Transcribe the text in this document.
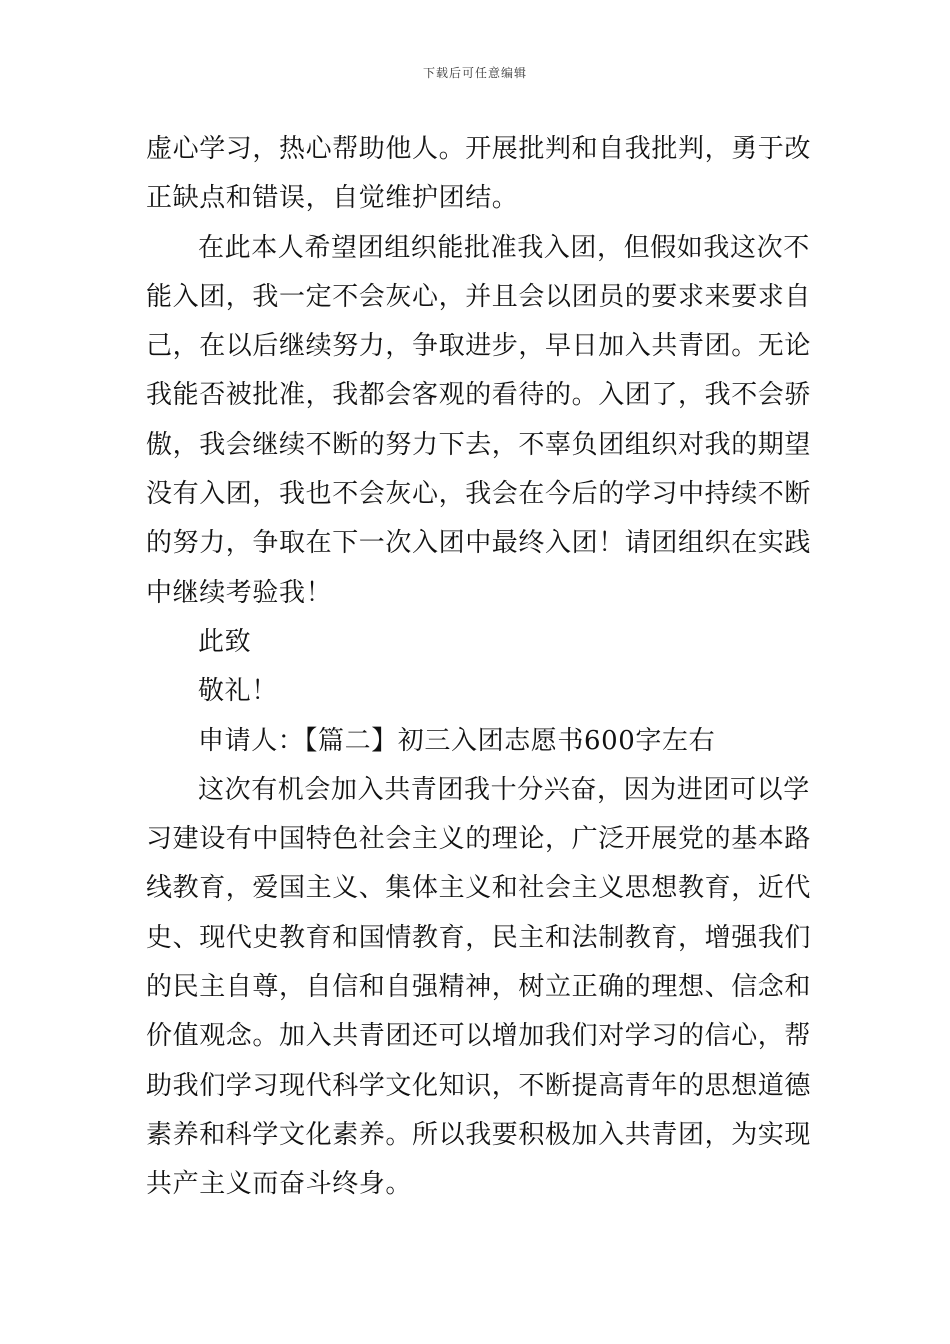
下载后可任意编辑
虚心学习，热心帮助他人。开展批判和自我批判，勇于改
正缺点和错误，自觉维护团结。
在此本人希望团组织能批准我入团，但假如我这次不
能入团，我一定不会灰心，并且会以团员的要求来要求自
己，在以后继续努力，争取进步，早日加入共青团。无论
我能否被批准，我都会客观的看待的。入团了，我不会骄
傲，我会继续不断的努力下去，不辜负团组织对我的期望
没有入团，我也不会灰心，我会在今后的学习中持续不断
的努力，争取在下一次入团中最终入团！请团组织在实践
中继续考验我！
此致
敬礼！
申请人：【篇二】初三入团志愿书600字左右
这次有机会加入共青团我十分兴奋，因为进团可以学
习建设有中国特色社会主义的理论，广泛开展党的基本路
线教育，爱国主义、集体主义和社会主义思想教育，近代
史、现代史教育和国情教育，民主和法制教育，增强我们
的民主自尊，自信和自强精神，树立正确的理想、信念和
价值观念。加入共青团还可以增加我们对学习的信心，帮
助我们学习现代科学文化知识，不断提高青年的思想道德
素养和科学文化素养。所以我要积极加入共青团，为实现
共产主义而奋斗终身。
